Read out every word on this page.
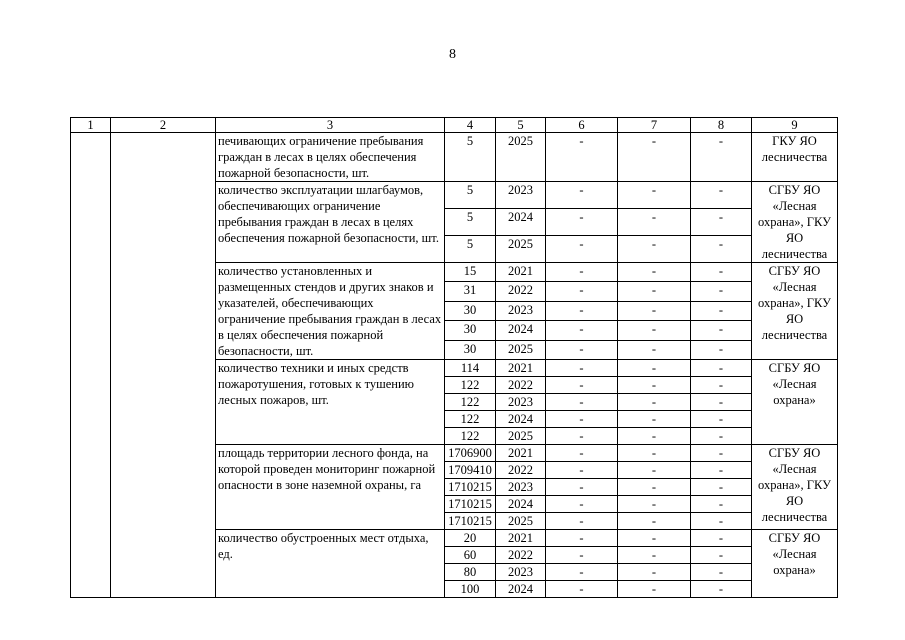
8
1	2	3	4	5	6	7	8	9
		печивающих ограничение пребывания граждан в лесах в целях обеспечения пожарной безопасности, шт.	5	2025	-	-	-	ГКУ ЯО лесничества
		количество эксплуатации шлагбаумов, обеспечивающих ограничение пребывания граждан в лесах в целях обеспечения пожарной безопасности, шт.	5	2023	-	-	-	СГБУ ЯО «Лесная охрана», ГКУ ЯО лесничества
			5	2024	-	-	-	
			5	2025	-	-	-	
		количество установленных и размещенных стендов и других знаков и указателей, обеспечивающих ограничение пребывания граждан в лесах в целях обеспечения пожарной безопасности, шт.	15	2021	-	-	-	СГБУ ЯО «Лесная охрана», ГКУ ЯО лесничества
			31	2022	-	-	-	
			30	2023	-	-	-	
			30	2024	-	-	-	
			30	2025	-	-	-	
		количество техники и иных средств пожаротушения, готовых к тушению лесных пожаров, шт.	114	2021	-	-	-	СГБУ ЯО «Лесная охрана»
			122	2022	-	-	-	
			122	2023	-	-	-	
			122	2024	-	-	-	
			122	2025	-	-	-	
		площадь территории лесного фонда, на которой проведен мониторинг пожарной опасности в зоне наземной охраны, га	1706900	2021	-	-	-	СГБУ ЯО «Лесная охрана», ГКУ ЯО лесничества
			1709410	2022	-	-	-	
			1710215	2023	-	-	-	
			1710215	2024	-	-	-	
			1710215	2025	-	-	-	
		количество обустроенных мест отдыха, ед.	20	2021	-	-	-	СГБУ ЯО «Лесная охрана»
			60	2022	-	-	-	
			80	2023	-	-	-	
			100	2024	-	-	-	
